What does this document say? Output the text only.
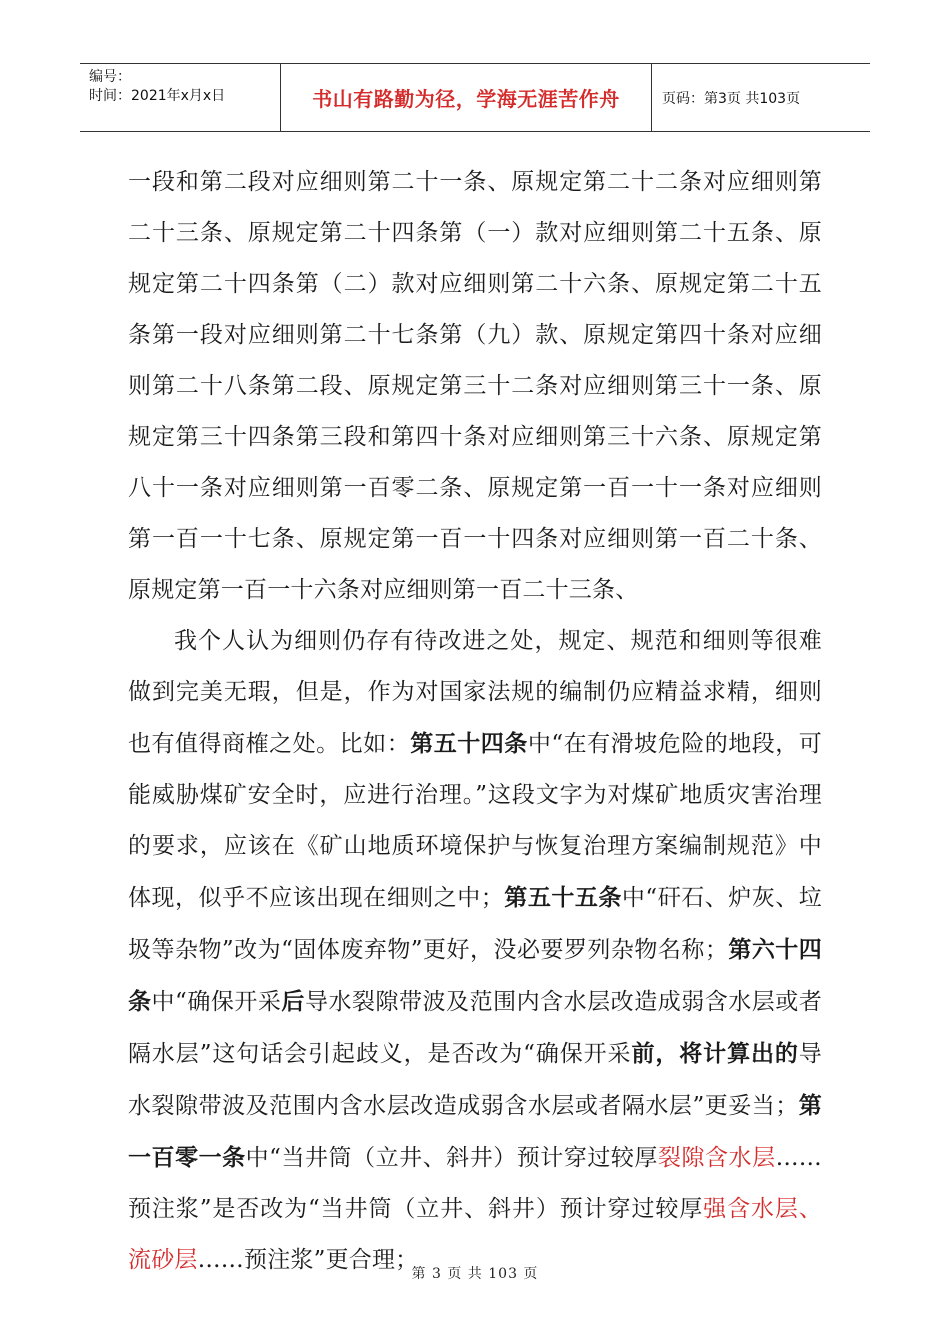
编号：
时间：2021年x月x日	书山有路勤为径，学海无涯苦作舟	页码：第3页 共103页

一段和第二段对应细则第二十一条、原规定第二十二条对应细则第二十三条、原规定第二十四条第（一）款对应细则第二十五条、原规定第二十四条第（二）款对应细则第二十六条、原规定第二十五条第一段对应细则第二十七条第（九）款、原规定第四十条对应细则第二十八条第二段、原规定第三十二条对应细则第三十一条、原规定第三十四条第三段和第四十条对应细则第三十六条、原规定第八十一条对应细则第一百零二条、原规定第一百一十一条对应细则第一百一十七条、原规定第一百一十四条对应细则第一百二十条、原规定第一百一十六条对应细则第一百二十三条、

我个人认为细则仍存有待改进之处，规定、规范和细则等很难做到完美无瑕，但是，作为对国家法规的编制仍应精益求精，细则也有值得商榷之处。比如：第五十四条中“在有滑坡危险的地段，可能威胁煤矿安全时，应进行治理。”这段文字为对煤矿地质灾害治理的要求，应该在《矿山地质环境保护与恢复治理方案编制规范》中体现，似乎不应该出现在细则之中；第五十五条中“矸石、炉灰、垃圾等杂物”改为“固体废弃物”更好，没必要罗列杂物名称；第六十四条中“确保开采后导水裂隙带波及范围内含水层改造成弱含水层或者隔水层”这句话会引起歧义，是否改为“确保开采前，将计算出的导水裂隙带波及范围内含水层改造成弱含水层或者隔水层”更妥当；第一百零一条中“当井筒（立井、斜井）预计穿过较厚裂隙含水层……预注浆”是否改为“当井筒（立井、斜井）预计穿过较厚强含水层、流砂层……预注浆”更合理；

第 3 页 共 103 页
